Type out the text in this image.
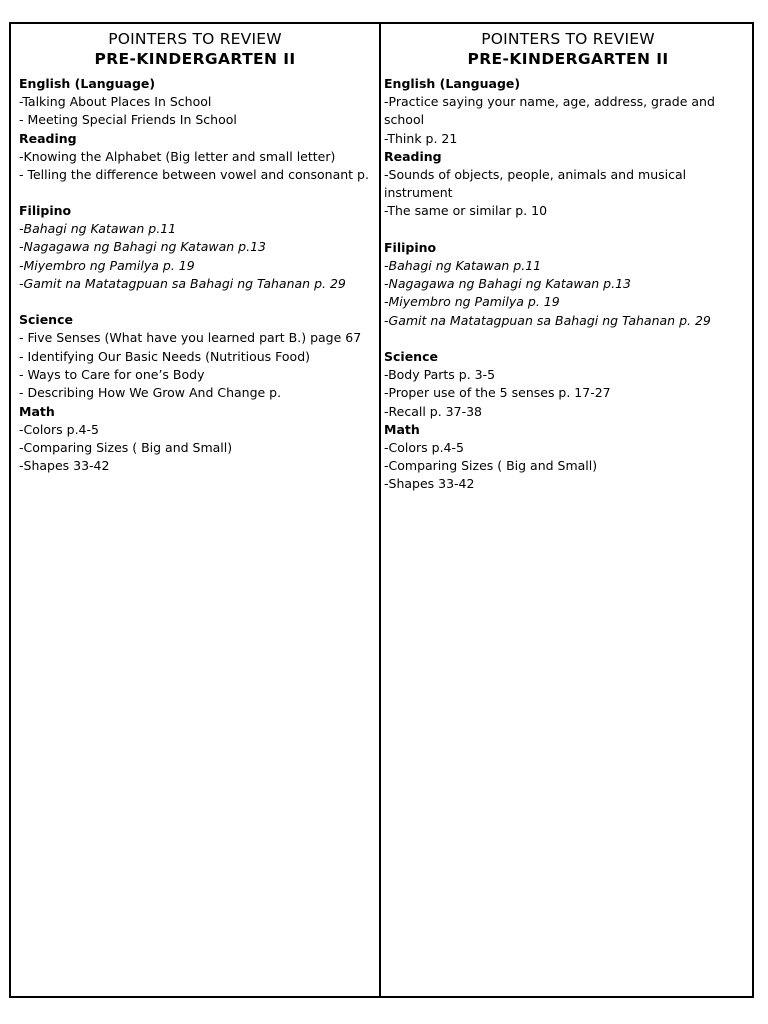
POINTERS TO REVIEW
PRE-KINDERGARTEN II
English (Language)
-Talking About Places In School
- Meeting Special Friends In School
Reading
-Knowing the Alphabet (Big letter and small letter)
- Telling the difference between vowel and consonant p.
Filipino
-Bahagi ng Katawan p.11
-Nagagawa ng Bahagi ng Katawan p.13
-Miyembro ng Pamilya p. 19
-Gamit na Matatagpuan sa Bahagi ng Tahanan p. 29
Science
- Five Senses (What have you learned part B.) page 67
- Identifying Our Basic Needs (Nutritious Food)
- Ways to Care for one’s Body
- Describing How We Grow And Change p.
Math
-Colors p.4-5
-Comparing Sizes ( Big and Small)
-Shapes 33-42
POINTERS TO REVIEW
PRE-KINDERGARTEN II
English (Language)
-Practice saying your name, age, address, grade and school
-Think p. 21
Reading
-Sounds of objects, people, animals and musical instrument
-The same or similar p. 10
Filipino
-Bahagi ng Katawan p.11
-Nagagawa ng Bahagi ng Katawan p.13
-Miyembro ng Pamilya p. 19
-Gamit na Matatagpuan sa Bahagi ng Tahanan p. 29
Science
-Body Parts p. 3-5
-Proper use of the 5 senses p. 17-27
-Recall p. 37-38
Math
-Colors p.4-5
-Comparing Sizes ( Big and Small)
-Shapes 33-42
